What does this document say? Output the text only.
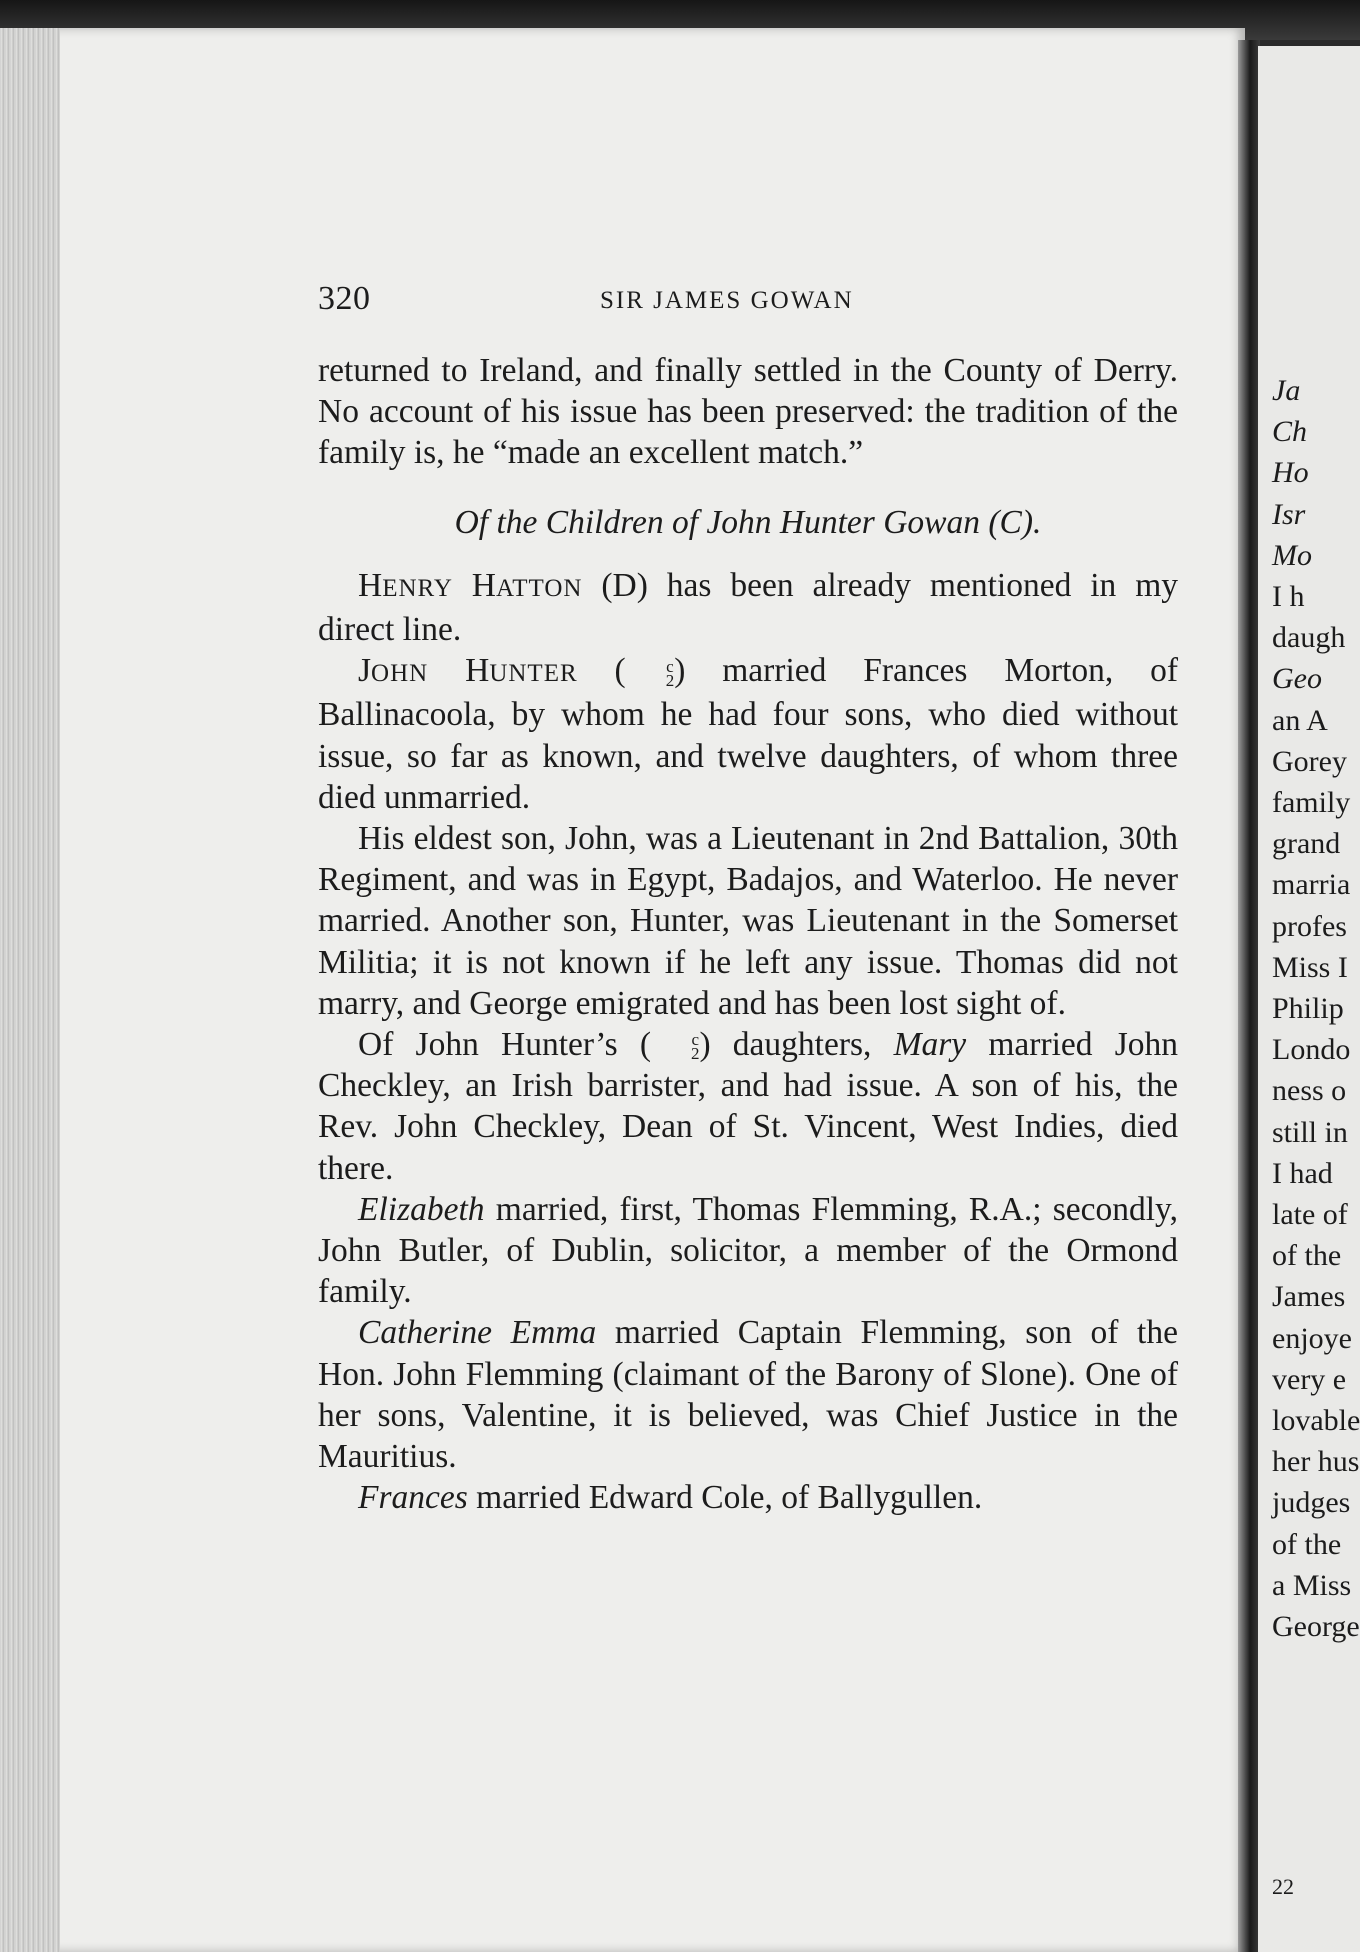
320	SIR JAMES GOWAN

returned to Ireland, and finally settled in the County of Derry. No account of his issue has been preserved: the tradition of the family is, he “made an excellent match.”

Of the Children of John Hunter Gowan (C).

HENRY HATTON (D) has been already mentioned in my direct line.

JOHN HUNTER (	c
2 ) married Frances Morton, of Ballinacoola, by whom he had four sons, who died without issue, so far as known, and twelve daughters, of whom three died unmarried.

His eldest son, John, was a Lieutenant in 2nd Battalion, 30th Regiment, and was in Egypt, Badajos, and Waterloo. He never married. Another son, Hunter, was Lieutenant in the Somerset Militia; it is not known if he left any issue. Thomas did not marry, and George emigrated and has been lost sight of.

Of John Hunter’s (	c
2 ) daughters, Mary married John Checkley, an Irish barrister, and had issue. A son of his, the Rev. John Checkley, Dean of St. Vincent, West Indies, died there.

Elizabeth married, first, Thomas Flemming, R.A.; secondly, John Butler, of Dublin, solicitor, a member of the Ormond family.

Catherine Emma married Captain Flemming, son of the Hon. John Flemming (claimant of the Barony of Slone). One of her sons, Valentine, it is believed, was Chief Justice in the Mauritius.

Frances married Edward Cole, of Ballygullen.

Ja
Ch
Ho
Isr
Mo
I h
daugh
Geo
an A
Gorey
family
grand
marria
profes
Miss I
Philip
Londo
ness o
still in
I had
late of
of the
James
enjoye
very e
lovable
her hus
judges
of the
a Miss
George
22
